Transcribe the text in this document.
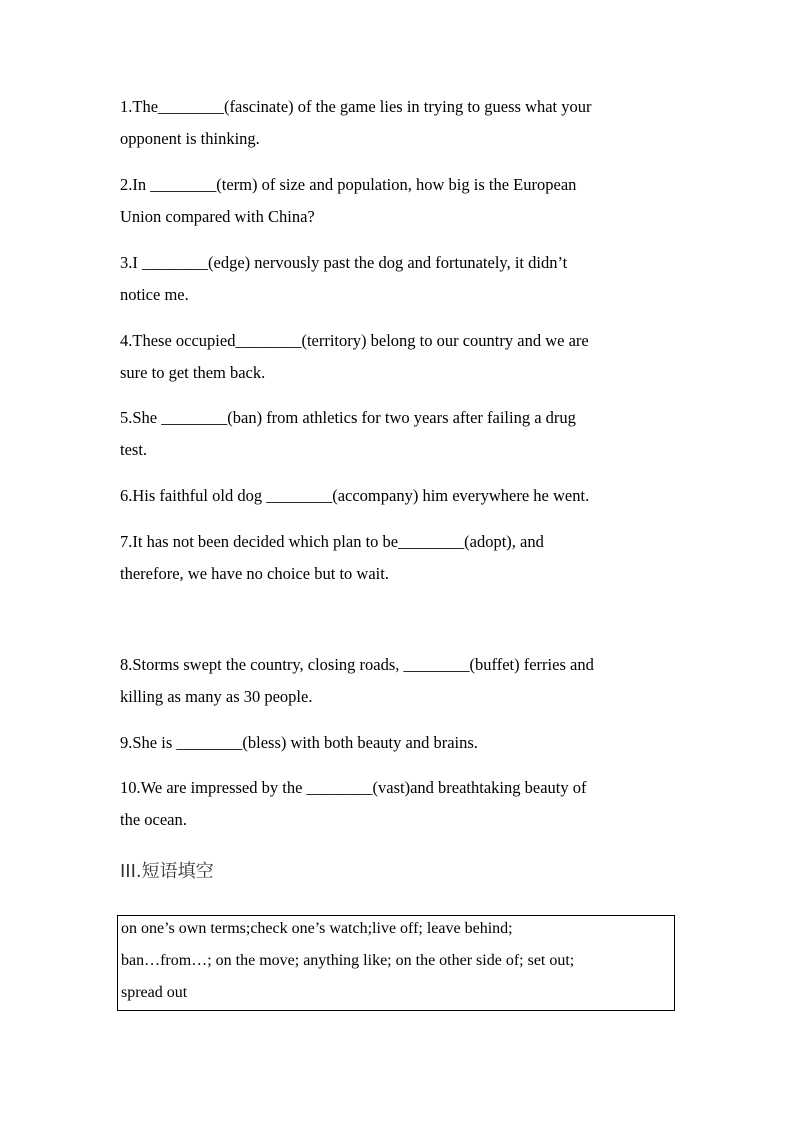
1.The________(fascinate) of the game lies in trying to guess what your
opponent is thinking.
2.In ________(term) of size and population, how big is the European
Union compared with China?
3.I ________(edge) nervously past the dog and fortunately, it didn’t
notice me.
4.These occupied________(territory) belong to our country and we are
sure to get them back.
5.She ________(ban) from athletics for two years after failing a drug
test.
6.His faithful old dog ________(accompany) him everywhere he went.
7.It has not been decided which plan to be________(adopt), and
therefore, we have no choice but to wait.
8.Storms swept the country, closing roads, ________(buffet) ferries and
killing as many as 30 people.
9.She is ________(bless) with both beauty and brains.
10.We are impressed by the ________(vast)and breathtaking beauty of
the ocean.
III.短语填空
on one’s own terms;check one’s watch;live off; leave behind;
ban…from…; on the move; anything like; on the other side of; set out;
spread out
